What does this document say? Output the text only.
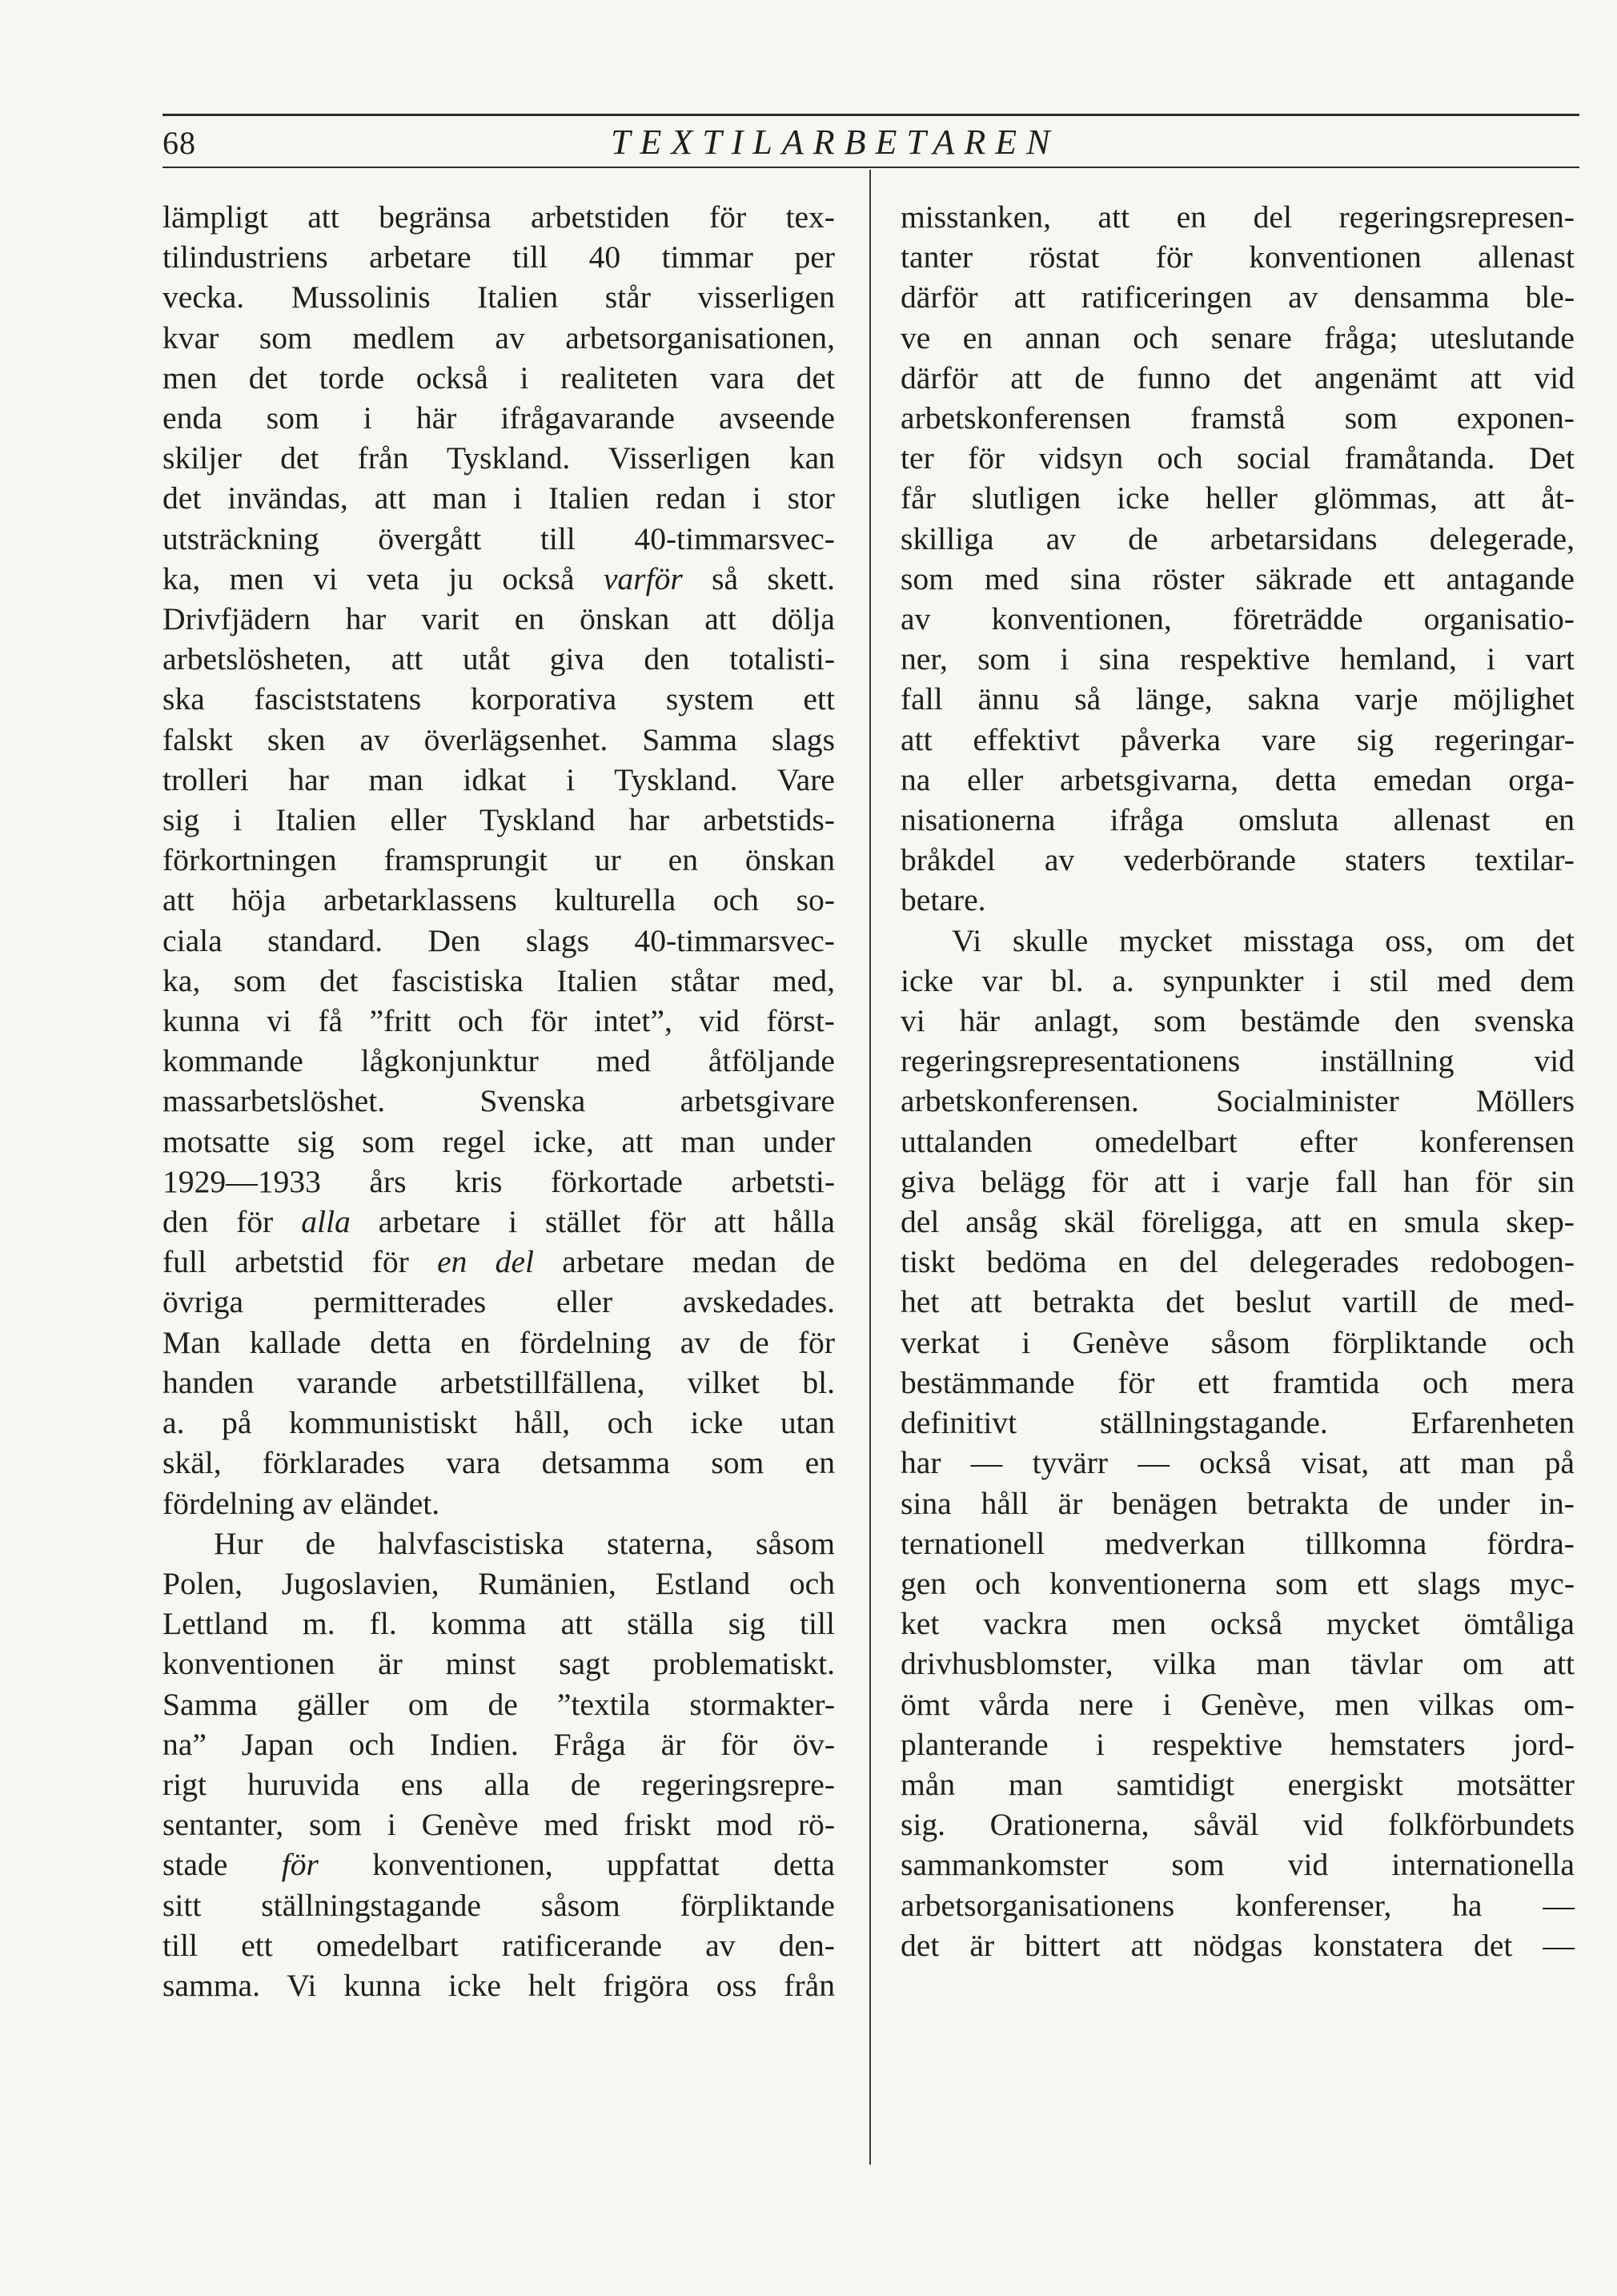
68	TEXTILARBETAREN
lämpligt att begränsa arbetstiden för tex-
tilindustriens arbetare till 40 timmar per
vecka. Mussolinis Italien står visserligen
kvar som medlem av arbetsorganisationen,
men det torde också i realiteten vara det
enda som i här ifrågavarande avseende
skiljer det från Tyskland. Visserligen kan
det invändas, att man i Italien redan i stor
utsträckning övergått till 40-timmarsvec-
ka, men vi veta ju också varför så skett.
Drivfjädern har varit en önskan att dölja
arbetslösheten, att utåt giva den totalisti-
ska fasciststatens korporativa system ett
falskt sken av överlägsenhet. Samma slags
trolleri har man idkat i Tyskland. Vare
sig i Italien eller Tyskland har arbetstids-
förkortningen framsprungit ur en önskan
att höja arbetarklassens kulturella och so-
ciala standard. Den slags 40-timmarsvec-
ka, som det fascistiska Italien ståtar med,
kunna vi få ”fritt och för intet”, vid först-
kommande lågkonjunktur med åtföljande
massarbetslöshet. Svenska arbetsgivare
motsatte sig som regel icke, att man under
1929—1933 års kris förkortade arbetsti-
den för alla arbetare i stället för att hålla
full arbetstid för en del arbetare medan de
övriga permitterades eller avskedades.
Man kallade detta en fördelning av de för
handen varande arbetstillfällena, vilket bl.
a. på kommunistiskt håll, och icke utan
skäl, förklarades vara detsamma som en
fördelning av eländet.
Hur de halvfascistiska staterna, såsom
Polen, Jugoslavien, Rumänien, Estland och
Lettland m. fl. komma att ställa sig till
konventionen är minst sagt problematiskt.
Samma gäller om de ”textila stormakter-
na” Japan och Indien. Fråga är för öv-
rigt huruvida ens alla de regeringsrepre-
sentanter, som i Genève med friskt mod rö-
stade för konventionen, uppfattat detta
sitt ställningstagande såsom förpliktande
till ett omedelbart ratificerande av den-
samma. Vi kunna icke helt frigöra oss från
misstanken, att en del regeringsrepresen-
tanter röstat för konventionen allenast
därför att ratificeringen av densamma ble-
ve en annan och senare fråga; uteslutande
därför att de funno det angenämt att vid
arbetskonferensen framstå som exponen-
ter för vidsyn och social framåtanda. Det
får slutligen icke heller glömmas, att åt-
skilliga av de arbetarsidans delegerade,
som med sina röster säkrade ett antagande
av konventionen, företrädde organisatio-
ner, som i sina respektive hemland, i vart
fall ännu så länge, sakna varje möjlighet
att effektivt påverka vare sig regeringar-
na eller arbetsgivarna, detta emedan orga-
nisationerna ifråga omsluta allenast en
bråkdel av vederbörande staters textilar-
betare.
Vi skulle mycket misstaga oss, om det
icke var bl. a. synpunkter i stil med dem
vi här anlagt, som bestämde den svenska
regeringsrepresentationens inställning vid
arbetskonferensen. Socialminister Möllers
uttalanden omedelbart efter konferensen
giva belägg för att i varje fall han för sin
del ansåg skäl föreligga, att en smula skep-
tiskt bedöma en del delegerades redobogen-
het att betrakta det beslut vartill de med-
verkat i Genève såsom förpliktande och
bestämmande för ett framtida och mera
definitivt ställningstagande. Erfarenheten
har — tyvärr — också visat, att man på
sina håll är benägen betrakta de under in-
ternationell medverkan tillkomna fördra-
gen och konventionerna som ett slags myc-
ket vackra men också mycket ömtåliga
drivhusblomster, vilka man tävlar om att
ömt vårda nere i Genève, men vilkas om-
planterande i respektive hemstaters jord-
mån man samtidigt energiskt motsätter
sig. Orationerna, såväl vid folkförbundets
sammankomster som vid internationella
arbetsorganisationens konferenser, ha —
det är bittert att nödgas konstatera det —
